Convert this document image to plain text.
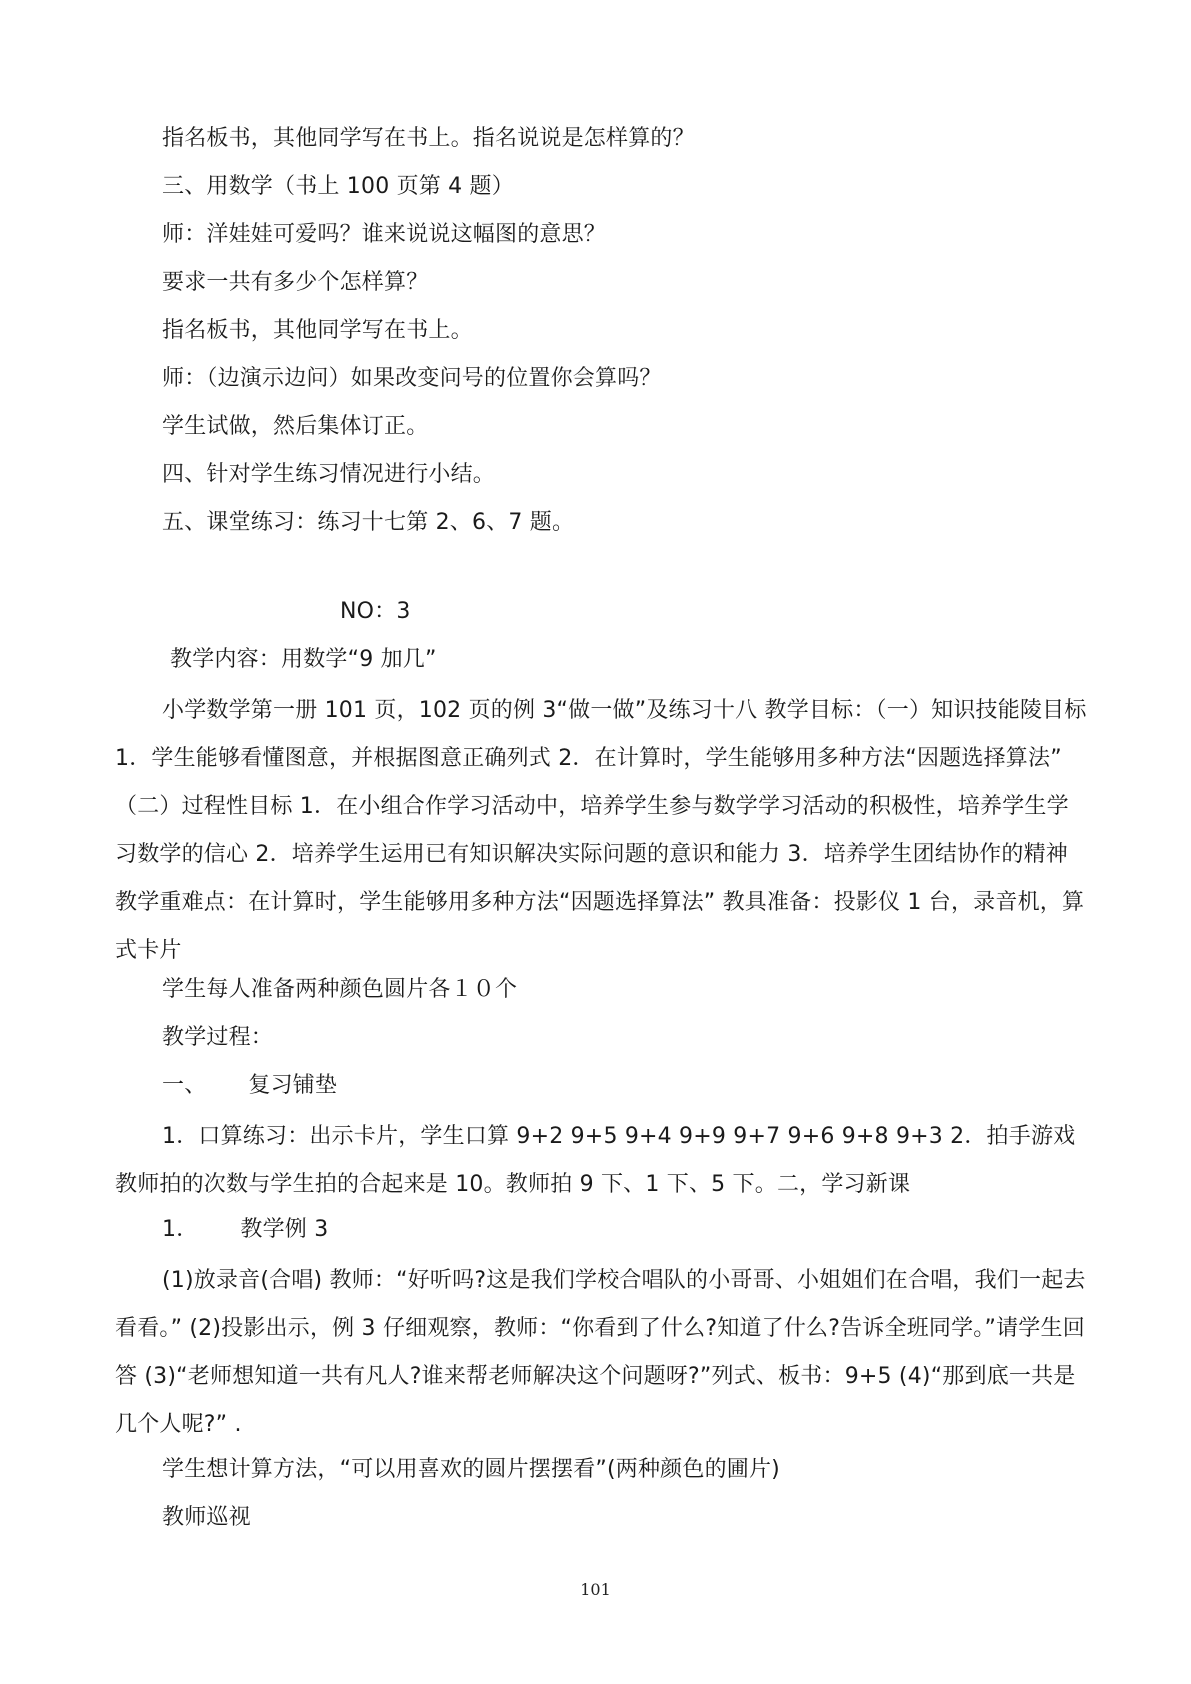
指名板书，其他同学写在书上。指名说说是怎样算的？
三、用数学（书上 100 页第 4 题）
师：洋娃娃可爱吗？谁来说说这幅图的意思？
要求一共有多少个怎样算？
指名板书，其他同学写在书上。
师：（边演示边问）如果改变问号的位置你会算吗？
学生试做，然后集体订正。
四、针对学生练习情况进行小结。
五、课堂练习：练习十七第 2、6、7 题。
NO：3
教学内容：用数学“9 加几”
小学数学第一册 101 页，102 页的例 3“做一做”及练习十八 教学目标：（一）知识技能陵目标 1．学生能够看懂图意，并根据图意正确列式 2．在计算时，学生能够用多种方法“因题选择算法” （二）过程性目标 1．在小组合作学习活动中，培养学生参与数学学习活动的积极性，培养学生学习数学的信心 2．培养学生运用已有知识解决实际问题的意识和能力 3．培养学生团结协作的精神 教学重难点：在计算时，学生能够用多种方法“因题选择算法” 教具准备：投影仪 1 台，录音机，算式卡片
学生每人准备两种颜色圆片各１０个
教学过程：
一、 复习铺垫
1．口算练习：出示卡片，学生口算 9+2 9+5 9+4 9+9 9+7 9+6 9+8 9+3 2．拍手游戏 教师拍的次数与学生拍的合起来是 10。教师拍 9 下、1 下、5 下。二，学习新课
1． 教学例 3
(1)放录音(合唱) 教师：“好听吗?这是我们学校合唱队的小哥哥、小姐姐们在合唱，我们一起去看看。” (2)投影出示，例 3 仔细观察，教师：“你看到了什么?知道了什么?告诉全班同学。”请学生回答 (3)“老师想知道一共有凡人?谁来帮老师解决这个问题呀?”列式、板书：9+5 (4)“那到底一共是几个人呢?” .
学生想计算方法，“可以用喜欢的圆片摆摆看”(两种颜色的圃片)
教师巡视
101
